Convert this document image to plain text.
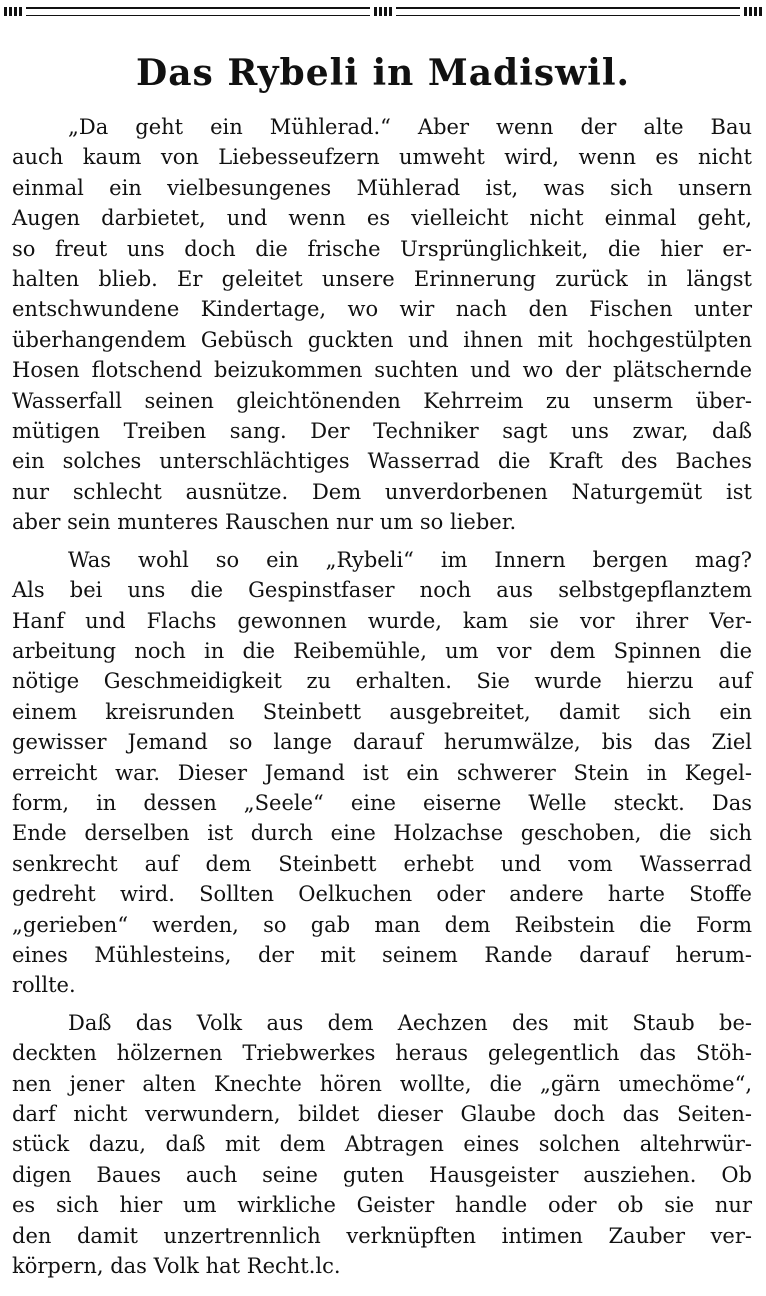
Das Rybeli in Madiswil.
„Da geht ein Mühlerad.“ Aber wenn der alte Bau
auch kaum von Liebesseufzern umweht wird, wenn es nicht
einmal ein vielbesungenes Mühlerad ist, was sich unsern
Augen darbietet, und wenn es vielleicht nicht einmal geht,
so freut uns doch die frische Ursprünglichkeit, die hier er-
halten blieb. Er geleitet unsere Erinnerung zurück in längst
entschwundene Kindertage, wo wir nach den Fischen unter
überhangendem Gebüsch guckten und ihnen mit hochgestülpten
Hosen flotschend beizukommen suchten und wo der plätschernde
Wasserfall seinen gleichtönenden Kehrreim zu unserm über-
mütigen Treiben sang. Der Techniker sagt uns zwar, daß
ein solches unterschlächtiges Wasserrad die Kraft des Baches
nur schlecht ausnütze. Dem unverdorbenen Naturgemüt ist
aber sein munteres Rauschen nur um so lieber.
Was wohl so ein „Rybeli“ im Innern bergen mag?
Als bei uns die Gespinstfaser noch aus selbstgepflanztem
Hanf und Flachs gewonnen wurde, kam sie vor ihrer Ver-
arbeitung noch in die Reibemühle, um vor dem Spinnen die
nötige Geschmeidigkeit zu erhalten. Sie wurde hierzu auf
einem kreisrunden Steinbett ausgebreitet, damit sich ein
gewisser Jemand so lange darauf herumwälze, bis das Ziel
erreicht war. Dieser Jemand ist ein schwerer Stein in Kegel-
form, in dessen „Seele“ eine eiserne Welle steckt. Das
Ende derselben ist durch eine Holzachse geschoben, die sich
senkrecht auf dem Steinbett erhebt und vom Wasserrad
gedreht wird. Sollten Oelkuchen oder andere harte Stoffe
„gerieben“ werden, so gab man dem Reibstein die Form
eines Mühlesteins, der mit seinem Rande darauf herum-
rollte.
Daß das Volk aus dem Aechzen des mit Staub be-
deckten hölzernen Triebwerkes heraus gelegentlich das Stöh-
nen jener alten Knechte hören wollte, die „gärn umechöme“,
darf nicht verwundern, bildet dieser Glaube doch das Seiten-
stück dazu, daß mit dem Abtragen eines solchen altehrwür-
digen Baues auch seine guten Hausgeister ausziehen. Ob
es sich hier um wirkliche Geister handle oder ob sie nur
den damit unzertrennlich verknüpften intimen Zauber ver-
körpern, das Volk hat Recht.lc.
